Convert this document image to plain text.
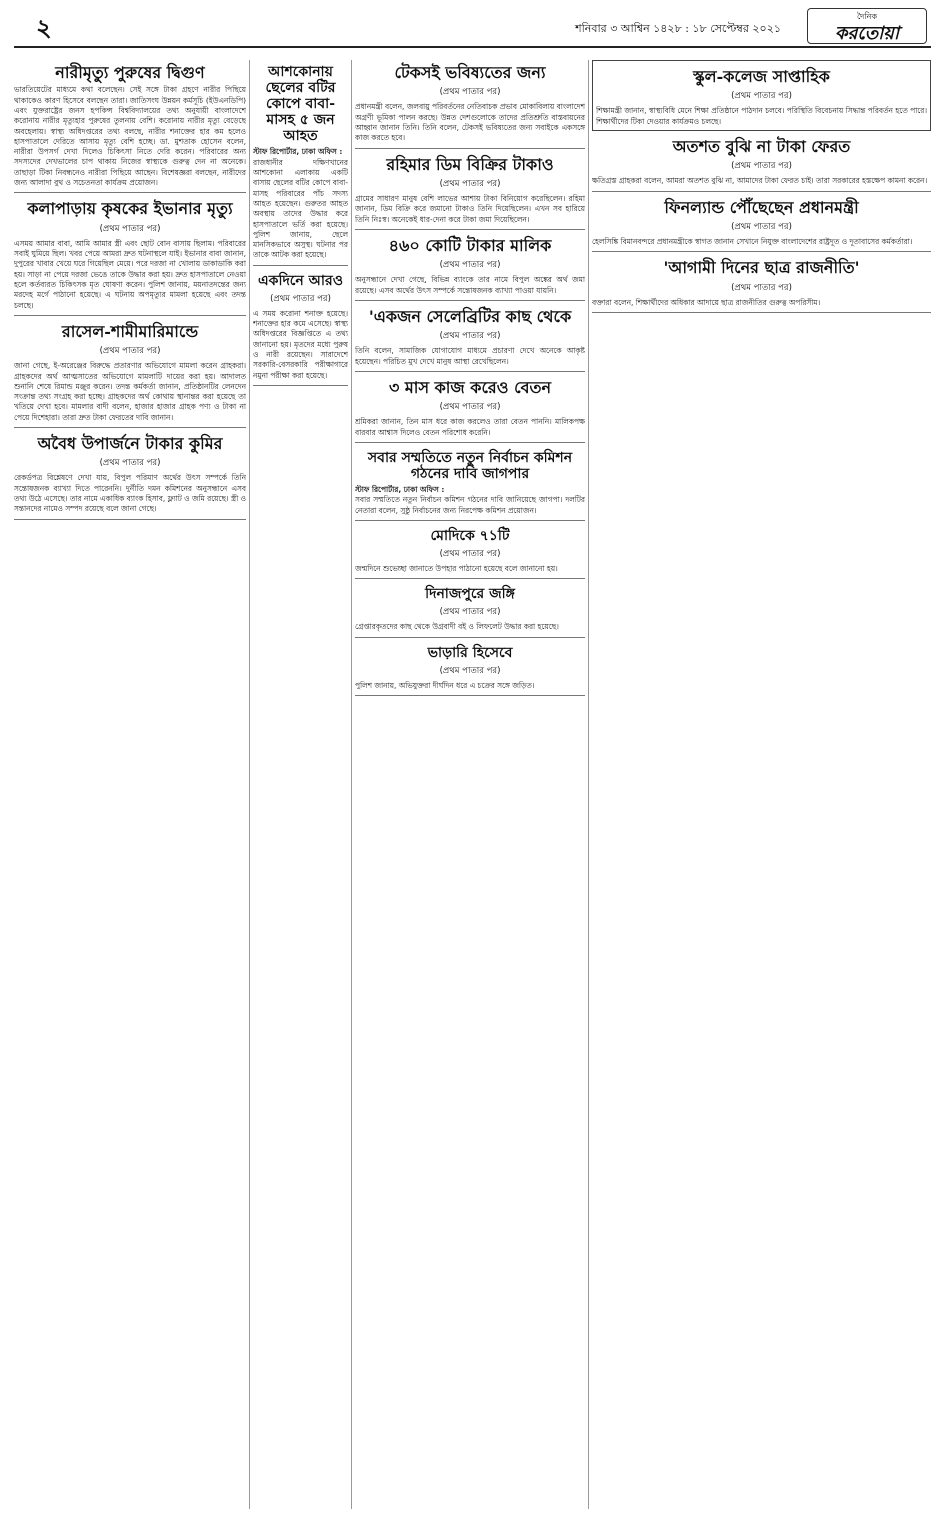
২	শনিবার ৩ আশ্বিন ১৪২৮ : ১৮ সেপ্টেম্বর ২০২১
দৈনিক
করতোয়া
নারীমৃত্যু পুরুষের দ্বিগুণ

ভারতিয়েটের মাধ্যমে কথা বলেছেন। সেই সঙ্গে টাকা গ্রহণে নারীর পিছিয়ে থাকাকেও কারণ হিসেবে বলছেন তারা। জাতিসংঘ উন্নয়ন কর্মসূচি (ইউএনডিপি) এবং যুক্তরাষ্ট্রের জনস হপকিন্স বিশ্ববিদ্যালয়ের তথ্য অনুযায়ী বাংলাদেশে করোনায় নারীর মৃত্যুহার পুরুষের তুলনায় বেশি। করোনায় নারীর মৃত্যু বেড়েছে অবহেলায়। স্বাস্থ্য অধিদপ্তরের তথ্য বলছে, নারীর শনাক্তের হার কম হলেও হাসপাতালে দেরিতে আসায় মৃত্যু বেশি হচ্ছে। ডা. মুশতাক হোসেন বলেন, নারীরা উপসর্গ দেখা দিলেও চিকিৎসা নিতে দেরি করেন। পরিবারের অন্য সদস্যদের দেখভালের চাপ থাকায় নিজের স্বাস্থ্যকে গুরুত্ব দেন না অনেকে। তাছাড়া টিকা নিবন্ধনেও নারীরা পিছিয়ে আছেন। বিশেষজ্ঞরা বলছেন, নারীদের জন্য আলাদা বুথ ও সচেতনতা কার্যক্রম প্রয়োজন।

কলাপাড়ায় কৃষকের ইভানার মৃত্যু
(প্রথম পাতার পর)

এসময় আমার বাবা, আমি আমার স্ত্রী এবং ছোট বোন বাসায় ছিলাম। পরিবারের সবাই ঘুমিয়ে ছিল। খবর পেয়ে আমরা দ্রুত ঘটনাস্থলে যাই। ইভানার বাবা জানান, দুপুরের খাবার খেয়ে ঘরে গিয়েছিল মেয়ে। পরে দরজা না খোলায় ডাকাডাকি করা হয়। সাড়া না পেয়ে দরজা ভেঙে তাকে উদ্ধার করা হয়। দ্রুত হাসপাতালে নেওয়া হলে কর্তব্যরত চিকিৎসক মৃত ঘোষণা করেন। পুলিশ জানায়, ময়নাতদন্তের জন্য মরদেহ মর্গে পাঠানো হয়েছে। এ ঘটনায় অপমৃত্যুর মামলা হয়েছে এবং তদন্ত চলছে।

রাসেল-শামীমারিমান্ডে
(প্রথম পাতার পর)

জানা গেছে, ই-অরেঞ্জের বিরুদ্ধে প্রতারণার অভিযোগে মামলা করেন গ্রাহকরা। গ্রাহকদের অর্থ আত্মসাতের অভিযোগে মামলাটি দায়ের করা হয়। আদালত শুনানি শেষে রিমান্ড মঞ্জুর করেন। তদন্ত কর্মকর্তা জানান, প্রতিষ্ঠানটির লেনদেন সংক্রান্ত তথ্য সংগ্রহ করা হচ্ছে। গ্রাহকদের অর্থ কোথায় স্থানান্তর করা হয়েছে তা খতিয়ে দেখা হবে। মামলার বাদী বলেন, হাজার হাজার গ্রাহক পণ্য ও টাকা না পেয়ে দিশেহারা। তারা দ্রুত টাকা ফেরতের দাবি জানান।

অবৈধ উপার্জনে টাকার কুমির
(প্রথম পাতার পর)

রেকর্ডপত্র বিশ্লেষণে দেখা যায়, বিপুল পরিমাণ অর্থের উৎস সম্পর্কে তিনি সন্তোষজনক ব্যাখ্যা দিতে পারেননি। দুর্নীতি দমন কমিশনের অনুসন্ধানে এসব তথ্য উঠে এসেছে। তার নামে একাধিক ব্যাংক হিসাব, ফ্ল্যাট ও জমি রয়েছে। স্ত্রী ও সন্তানদের নামেও সম্পদ রয়েছে বলে জানা গেছে।

আশকোনায় ছেলের বটির কোপে বাবা-মাসহ ৫ জন আহত

স্টাফ রিপোর্টার, ঢাকা অফিস :

রাজধানীর দক্ষিণখানের আশকোনা এলাকায় একটি বাসায় ছেলের বটির কোপে বাবা-মাসহ পরিবারের পাঁচ সদস্য আহত হয়েছেন। গুরুতর আহত অবস্থায় তাদের উদ্ধার করে হাসপাতালে ভর্তি করা হয়েছে। পুলিশ জানায়, ছেলে মানসিকভাবে অসুস্থ। ঘটনার পর তাকে আটক করা হয়েছে।

একদিনে আরও
(প্রথম পাতার পর)

এ সময় করোনা শনাক্ত হয়েছে। শনাক্তের হার কমে এসেছে। স্বাস্থ্য অধিদপ্তরের বিজ্ঞপ্তিতে এ তথ্য জানানো হয়। মৃতদের মধ্যে পুরুষ ও নারী রয়েছেন। সারাদেশে সরকারি-বেসরকারি পরীক্ষাগারে নমুনা পরীক্ষা করা হয়েছে।

টেকসই ভবিষ্যতের জন্য
(প্রথম পাতার পর)

প্রধানমন্ত্রী বলেন, জলবায়ু পরিবর্তনের নেতিবাচক প্রভাব মোকাবিলায় বাংলাদেশ অগ্রণী ভূমিকা পালন করছে। উন্নত দেশগুলোকে তাদের প্রতিশ্রুতি বাস্তবায়নের আহ্বান জানান তিনি। তিনি বলেন, টেকসই ভবিষ্যতের জন্য সবাইকে একসঙ্গে কাজ করতে হবে।

রহিমার ডিম বিক্রির টাকাও
(প্রথম পাতার পর)

গ্রামের সাধারণ মানুষ বেশি লাভের আশায় টাকা বিনিয়োগ করেছিলেন। রহিমা জানান, ডিম বিক্রি করে জমানো টাকাও তিনি দিয়েছিলেন। এখন সব হারিয়ে তিনি নিঃস্ব। অনেকেই ধার-দেনা করে টাকা জমা দিয়েছিলেন।

৪৬০ কোটি টাকার মালিক
(প্রথম পাতার পর)

অনুসন্ধানে দেখা গেছে, বিভিন্ন ব্যাংকে তার নামে বিপুল অঙ্কের অর্থ জমা রয়েছে। এসব অর্থের উৎস সম্পর্কে সন্তোষজনক ব্যাখ্যা পাওয়া যায়নি।

'একজন সেলেব্রিটির কাছ থেকে
(প্রথম পাতার পর)

তিনি বলেন, সামাজিক যোগাযোগ মাধ্যমে প্রচারণা দেখে অনেকে আকৃষ্ট হয়েছেন। পরিচিত মুখ দেখে মানুষ আস্থা রেখেছিলেন।

৩ মাস কাজ করেও বেতন
(প্রথম পাতার পর)

শ্রমিকরা জানান, তিন মাস ধরে কাজ করলেও তারা বেতন পাননি। মালিকপক্ষ বারবার আশ্বাস দিলেও বেতন পরিশোধ করেনি।

সবার সম্মতিতে নতুন নির্বাচন কমিশন গঠনের দাবি জাগপার

স্টাফ রিপোর্টার, ঢাকা অফিস :

সবার সম্মতিতে নতুন নির্বাচন কমিশন গঠনের দাবি জানিয়েছে জাগপা। দলটির নেতারা বলেন, সুষ্ঠু নির্বাচনের জন্য নিরপেক্ষ কমিশন প্রয়োজন।

মোদিকে ৭১টি
(প্রথম পাতার পর)

জন্মদিনে শুভেচ্ছা জানাতে উপহার পাঠানো হয়েছে বলে জানানো হয়।

দিনাজপুরে জঙ্গি
(প্রথম পাতার পর)

গ্রেপ্তারকৃতদের কাছ থেকে উগ্রবাদী বই ও লিফলেট উদ্ধার করা হয়েছে।

ভাড়ারি হিসেবে
(প্রথম পাতার পর)

পুলিশ জানায়, অভিযুক্তরা দীর্ঘদিন ধরে এ চক্রের সঙ্গে জড়িত।

স্কুল-কলেজ সাপ্তাহিক
(প্রথম পাতার পর)

শিক্ষামন্ত্রী জানান, স্বাস্থ্যবিধি মেনে শিক্ষা প্রতিষ্ঠানে পাঠদান চলবে। পরিস্থিতি বিবেচনায় সিদ্ধান্ত পরিবর্তন হতে পারে। শিক্ষার্থীদের টিকা দেওয়ার কার্যক্রমও চলছে।

অতশত বুঝি না টাকা ফেরত
(প্রথম পাতার পর)

ক্ষতিগ্রস্ত গ্রাহকরা বলেন, আমরা অতশত বুঝি না, আমাদের টাকা ফেরত চাই। তারা সরকারের হস্তক্ষেপ কামনা করেন।

ফিনল্যান্ড পৌঁছেছেন প্রধানমন্ত্রী
(প্রথম পাতার পর)

হেলসিঙ্কি বিমানবন্দরে প্রধানমন্ত্রীকে স্বাগত জানান সেখানে নিযুক্ত বাংলাদেশের রাষ্ট্রদূত ও দূতাবাসের কর্মকর্তারা।

'আগামী দিনের ছাত্র রাজনীতি'
(প্রথম পাতার পর)

বক্তারা বলেন, শিক্ষার্থীদের অধিকার আদায়ে ছাত্র রাজনীতির গুরুত্ব অপরিসীম।
